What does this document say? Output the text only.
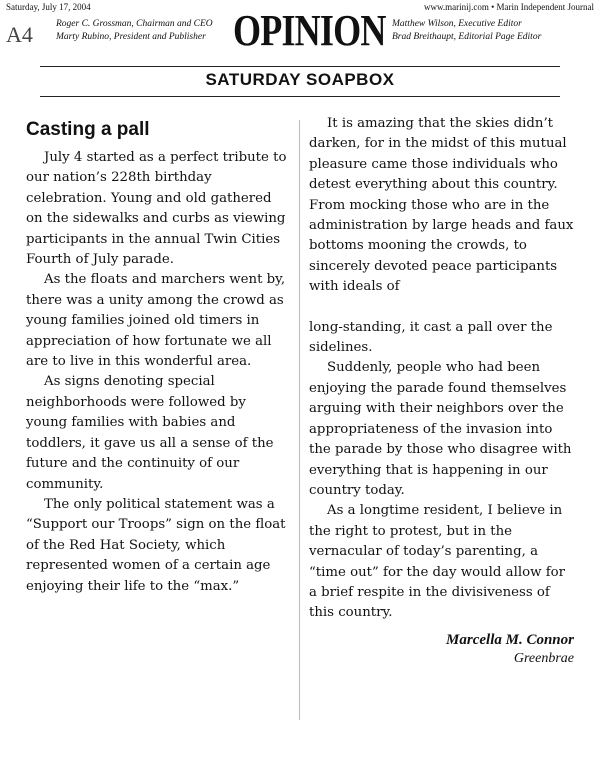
Saturday, July 17, 2004	www.marinij.com • Marin Independent Journal
A4 Roger C. Grossman, Chairman and CEO
Marty Rubino, President and Publisher OPINION Matthew Wilson, Executive Editor
Brad Breithaupt, Editorial Page Editor
SATURDAY SOAPBOX
Casting a pall

July 4 started as a perfect tribute to our nation’s 228th birthday celebration. Young and old gathered on the sidewalks and curbs as viewing participants in the annual Twin Cities Fourth of July parade.

As the floats and marchers went by, there was a unity among the crowd as young families joined old timers in appreciation of how fortunate we all are to live in this wonderful area.

As signs denoting special neighborhoods were followed by young families with babies and toddlers, it gave us all a sense of the future and the continuity of our community.

The only political statement was a “Support our Troops” sign on the float of the Red Hat Society, which represented women of a certain age enjoying their life to the “max.”

It is amazing that the skies didn’t darken, for in the midst of this mutual pleasure came those individuals who detest everything about this country. From mocking those who are in the administration by large heads and faux bottoms mooning the crowds, to sincerely devoted peace participants with ideals of

long-standing, it cast a pall over the sidelines.

Suddenly, people who had been enjoying the parade found themselves arguing with their neighbors over the appropriateness of the invasion into the parade by those who disagree with everything that is happening in our country today.

As a longtime resident, I believe in the right to protest, but in the vernacular of today’s parenting, a “time out” for the day would allow for a brief respite in the divisiveness of this country.

Marcella M. Connor
Greenbrae
